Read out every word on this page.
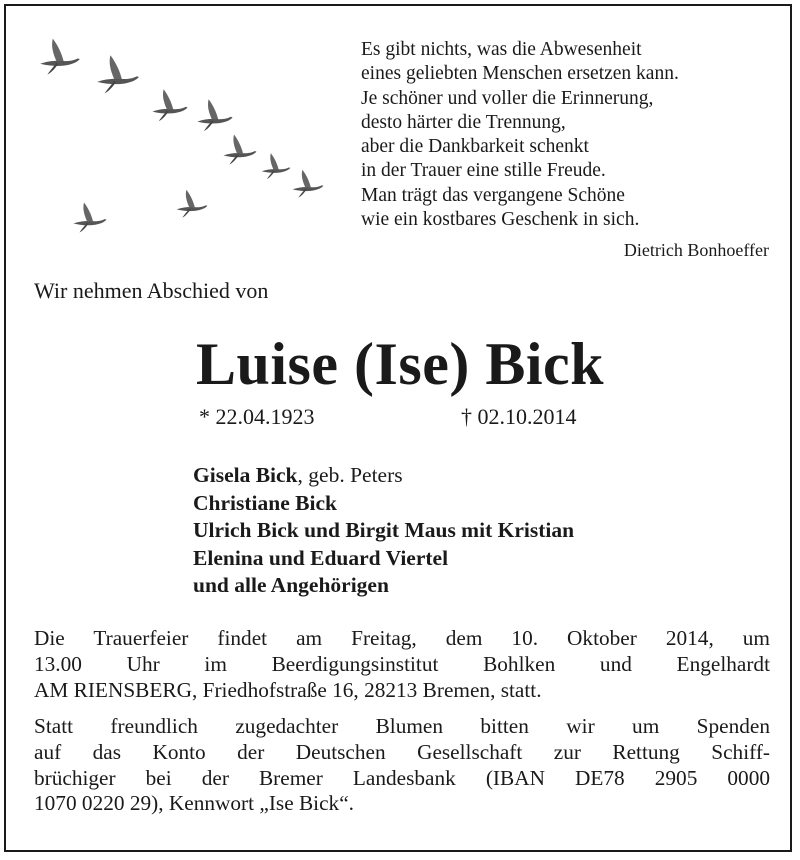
Es gibt nichts, was die Abwesenheit
eines geliebten Menschen ersetzen kann.
Je schöner und voller die Erinnerung,
desto härter die Trennung,
aber die Dankbarkeit schenkt
in der Trauer eine stille Freude.
Man trägt das vergangene Schöne
wie ein kostbares Geschenk in sich.
Dietrich Bonhoeffer
Wir nehmen Abschied von
Luise (Ise) Bick
* 22.04.1923	† 02.10.2014
Gisela Bick, geb. Peters
Christiane Bick
Ulrich Bick und Birgit Maus mit Kristian
Elenina und Eduard Viertel
und alle Angehörigen
Die Trauerfeier findet am Freitag, dem 10. Oktober 2014, um
13.00 Uhr im Beerdigungsinstitut Bohlken und Engelhardt
AM RIENSBERG, Friedhofstraße 16, 28213 Bremen, statt.
Statt freundlich zugedachter Blumen bitten wir um Spenden
auf das Konto der Deutschen Gesellschaft zur Rettung Schiff-
brüchiger bei der Bremer Landesbank (IBAN DE78 2905 0000
1070 0220 29), Kennwort „Ise Bick“.
